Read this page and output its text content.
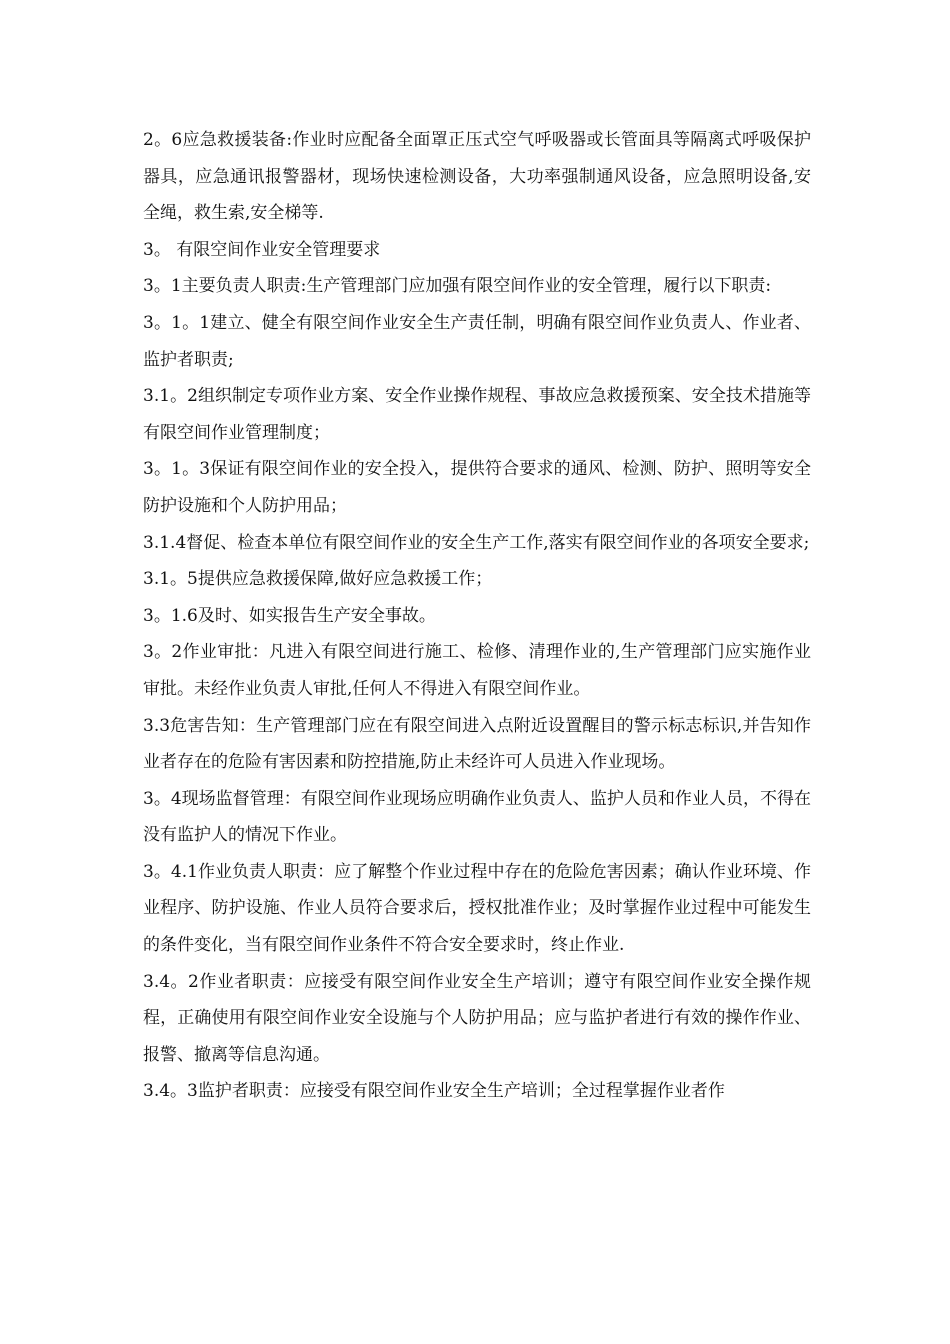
2。6应急救援装备:作业时应配备全面罩正压式空气呼吸器或长管面具等隔离式呼吸保护器具，应急通讯报警器材，现场快速检测设备，大功率强制通风设备，应急照明设备,安全绳，救生索,安全梯等.

3。 有限空间作业安全管理要求

3。1主要负责人职责:生产管理部门应加强有限空间作业的安全管理，履行以下职责:

3。1。1建立、健全有限空间作业安全生产责任制，明确有限空间作业负责人、作业者、监护者职责;

3.1。2组织制定专项作业方案、安全作业操作规程、事故应急救援预案、安全技术措施等有限空间作业管理制度；

3。1。3保证有限空间作业的安全投入，提供符合要求的通风、检测、防护、照明等安全防护设施和个人防护用品；

3.1.4督促、检查本单位有限空间作业的安全生产工作,落实有限空间作业的各项安全要求;

3.1。5提供应急救援保障,做好应急救援工作；

3。1.6及时、如实报告生产安全事故。

3。2作业审批：凡进入有限空间进行施工、检修、清理作业的,生产管理部门应实施作业审批。未经作业负责人审批,任何人不得进入有限空间作业。

3.3危害告知：生产管理部门应在有限空间进入点附近设置醒目的警示标志标识,并告知作业者存在的危险有害因素和防控措施,防止未经许可人员进入作业现场。

3。4现场监督管理：有限空间作业现场应明确作业负责人、监护人员和作业人员，不得在没有监护人的情况下作业。

3。4.1作业负责人职责：应了解整个作业过程中存在的危险危害因素；确认作业环境、作业程序、防护设施、作业人员符合要求后，授权批准作业；及时掌握作业过程中可能发生的条件变化，当有限空间作业条件不符合安全要求时，终止作业.

3.4。2作业者职责：应接受有限空间作业安全生产培训；遵守有限空间作业安全操作规程，正确使用有限空间作业安全设施与个人防护用品；应与监护者进行有效的操作作业、报警、撤离等信息沟通。

3.4。3监护者职责：应接受有限空间作业安全生产培训；全过程掌握作业者作
